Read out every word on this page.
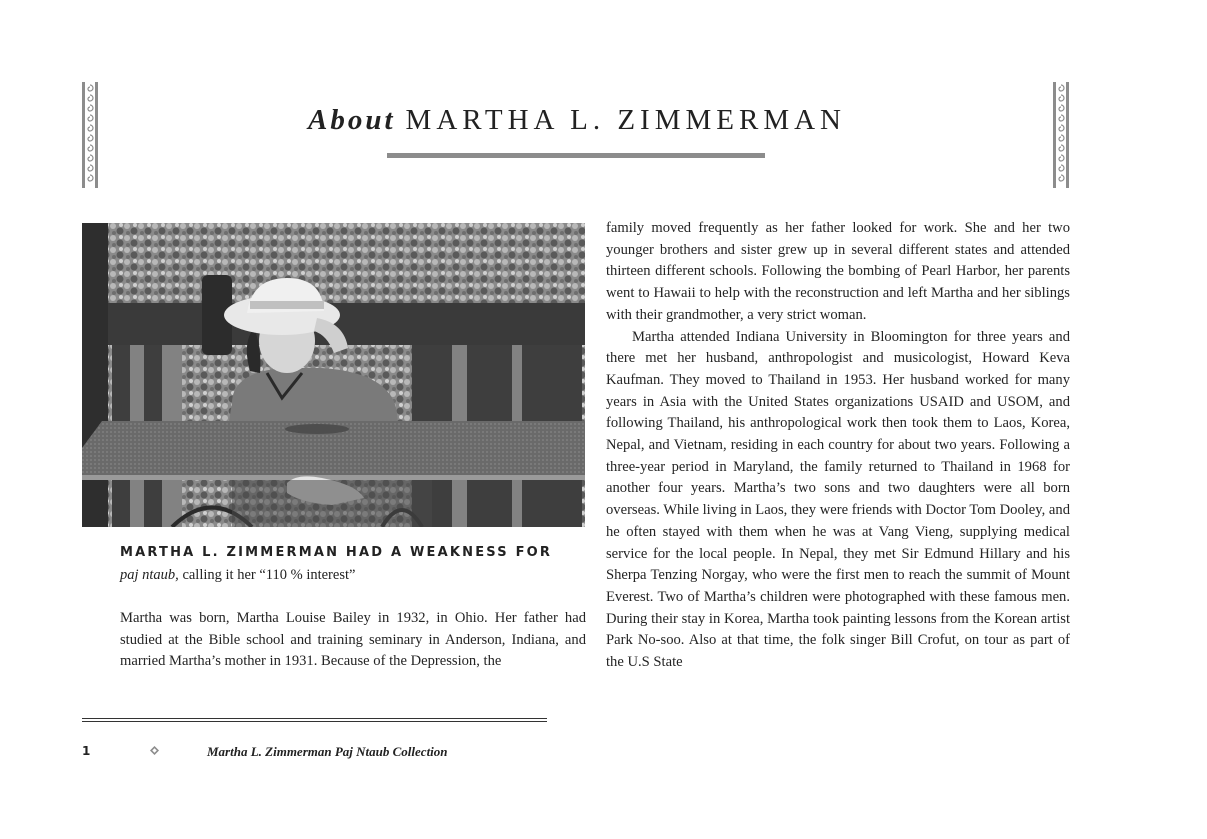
About MARTHA L. ZIMMERMAN
MARTHA L. ZIMMERMAN HAD A WEAKNESS FOR
paj ntaub, calling it her “110 % interest”

Martha was born, Martha Louise Bailey in 1932, in Ohio. Her father had studied at the Bible school and training seminary in Anderson, Indiana, and married Martha’s mother in 1931. Because of the Depression, the

family moved frequently as her father looked for work. She and her two younger brothers and sister grew up in several different states and attended thirteen different schools. Following the bombing of Pearl Harbor, her parents went to Hawaii to help with the reconstruction and left Martha and her siblings with their grandmother, a very strict woman.

Martha attended Indiana University in Bloomington for three years and there met her husband, anthropologist and musicologist, Howard Keva Kaufman. They moved to Thailand in 1953. Her husband worked for many years in Asia with the United States organizations USAID and USOM, and following Thailand, his anthropological work then took them to Laos, Korea, Nepal, and Vietnam, residing in each country for about two years. Following a three-year period in Maryland, the family returned to Thailand in 1968 for another four years. Martha’s two sons and two daughters were all born overseas. While living in Laos, they were friends with Doctor Tom Dooley, and he often stayed with them when he was at Vang Vieng, supplying medical service for the local people. In Nepal, they met Sir Edmund Hillary and his Sherpa Tenzing Norgay, who were the first men to reach the summit of Mount Everest. Two of Martha’s children were photographed with these famous men. During their stay in Korea, Martha took painting lessons from the Korean artist Park No-soo. Also at that time, the folk singer Bill Crofut, on tour as part of the U.S State

1	Martha L. Zimmerman Paj Ntaub Collection
